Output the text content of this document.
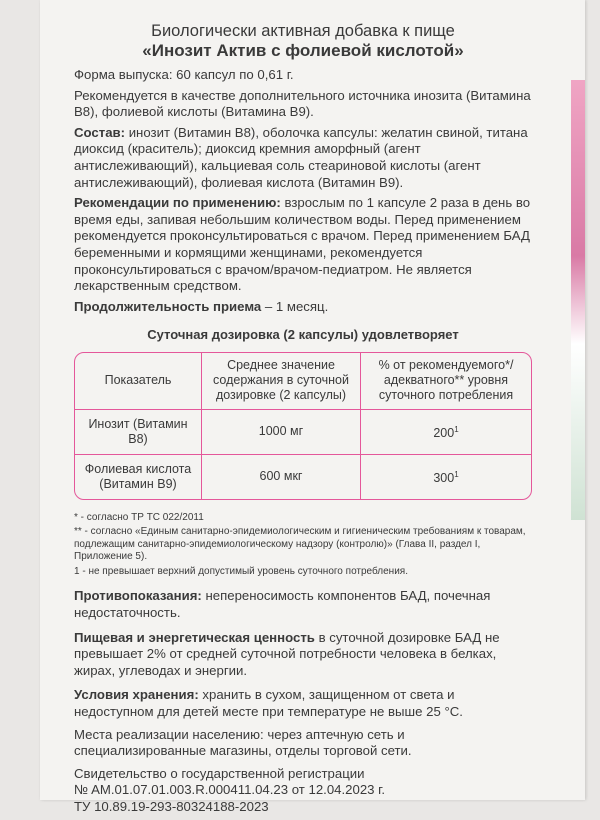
Биологически активная добавка к пище

«Инозит Актив с фолиевой кислотой»

Форма выпуска: 60 капсул по 0,61 г.

Рекомендуется в качестве дополнительного источника инозита (Витамина В8), фолиевой кислоты (Витамина В9).

Состав: инозит (Витамин В8), оболочка капсулы: желатин свиной, титана диоксид (краситель); диоксид кремния аморфный (агент антислеживающий), кальциевая соль стеариновой кислоты (агент антислеживающий), фолиевая кислота (Витамин В9).

Рекомендации по применению: взрослым по 1 капсуле 2 раза в день во время еды, запивая небольшим количеством воды. Перед применением рекомендуется проконсультироваться с врачом. Перед применением БАД беременными и кормящими женщинами, рекомендуется проконсультироваться с врачом/врачом-педиатром. Не является лекарственным средством.

Продолжительность приема – 1 месяц.

Суточная дозировка (2 капсулы) удовлетворяет
Показатель	Среднее значение содержания в суточной дозировке (2 капсулы)	% от рекомендуемого*/ адекватного** уровня суточного потребления
Инозит (Витамин В8)	1000 мг	$200^1$
Фолиевая кислота (Витамин В9)	600 мкг	$300^1$

* - согласно ТР ТС 022/2011

** - согласно «Единым санитарно-эпидемиологическим и гигиеническим требованиям к товарам, подлежащим санитарно-эпидемиологическому надзору (контролю)» (Глава II, раздел I, Приложение 5).

1 - не превышает верхний допустимый уровень суточного потребления.

Противопоказания: непереносимость компонентов БАД, почечная недостаточность.

Пищевая и энергетическая ценность в суточной дозировке БАД не превышает 2% от средней суточной потребности человека в белках, жирах, углеводах и энергии.

Условия хранения: хранить в сухом, защищенном от света и недоступном для детей месте при температуре не выше 25 °С.

Места реализации населению: через аптечную сеть и специализированные магазины, отделы торговой сети.

Свидетельство о государственной регистрации

№ AM.01.07.01.003.R.000411.04.23 от 12.04.2023 г.

ТУ 10.89.19-293-80324188-2023
